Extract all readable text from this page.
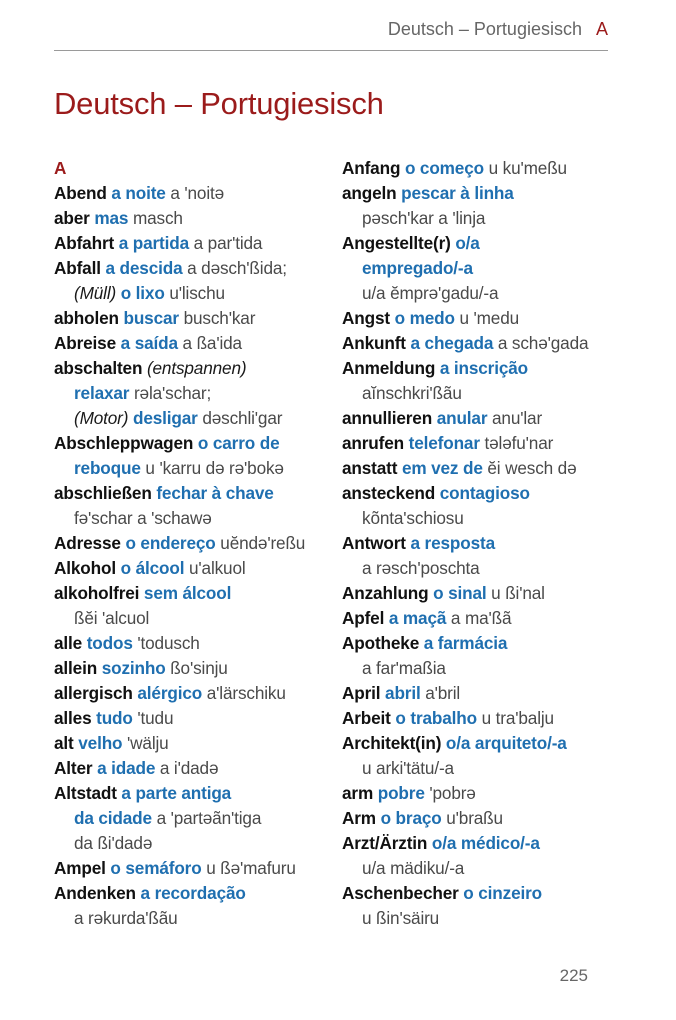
Deutsch – Portugiesisch A
Deutsch – Portugiesisch
A
Abend a noite a 'noitə
aber mas masch
Abfahrt a partida a par'tida
Abfall a descida a dəsch'ßida;
(Müll) o lixo u'lischu
abholen buscar busch'kar
Abreise a saída a ßa'ida
abschalten (entspannen)
relaxar rəla'schar;
(Motor) desligar dəschli'gar
Abschleppwagen o carro de
reboque u 'karru də rə'bokə
abschließen fechar à chave
fə'schar a 'schawə
Adresse o endereço uĕndə'reßu
Alkohol o álcool u'alkuol
alkoholfrei sem álcool
ßĕi 'alcuol
alle todos 'todusch
allein sozinho ßo'sinju
allergisch alérgico a'lärschiku
alles tudo 'tudu
alt velho 'wälju
Alter a idade a i'dadə
Altstadt a parte antiga
da cidade a 'partəãn'tiga
da ßi'dadə
Ampel o semáforo u ßə'mafuru
Andenken a recordação
a rəkurda'ßãu
Anfang o começo u ku'meßu
angeln pescar à linha
pəsch'kar a 'linja
Angestellte(r) o/a
empregado/-a
u/a ĕmprə'gadu/-a
Angst o medo u 'medu
Ankunft a chegada a schə'gada
Anmeldung a inscrição
aĭnschkri'ßãu
annullieren anular anu'lar
anrufen telefonar tələfu'nar
anstatt em vez de ĕi wesch də
ansteckend contagioso
kõnta'schiosu
Antwort a resposta
a rəsch'poschta
Anzahlung o sinal u ßi'nal
Apfel a maçã a ma'ßã
Apotheke a farmácia
a far'maßia
April abril a'bril
Arbeit o trabalho u tra'balju
Architekt(in) o/a arquiteto/-a
u arki'tätu/-a
arm pobre 'pobrə
Arm o braço u'braßu
Arzt/Ärztin o/a médico/-a
u/a mädiku/-a
Aschenbecher o cinzeiro
u ßin'säiru
225
